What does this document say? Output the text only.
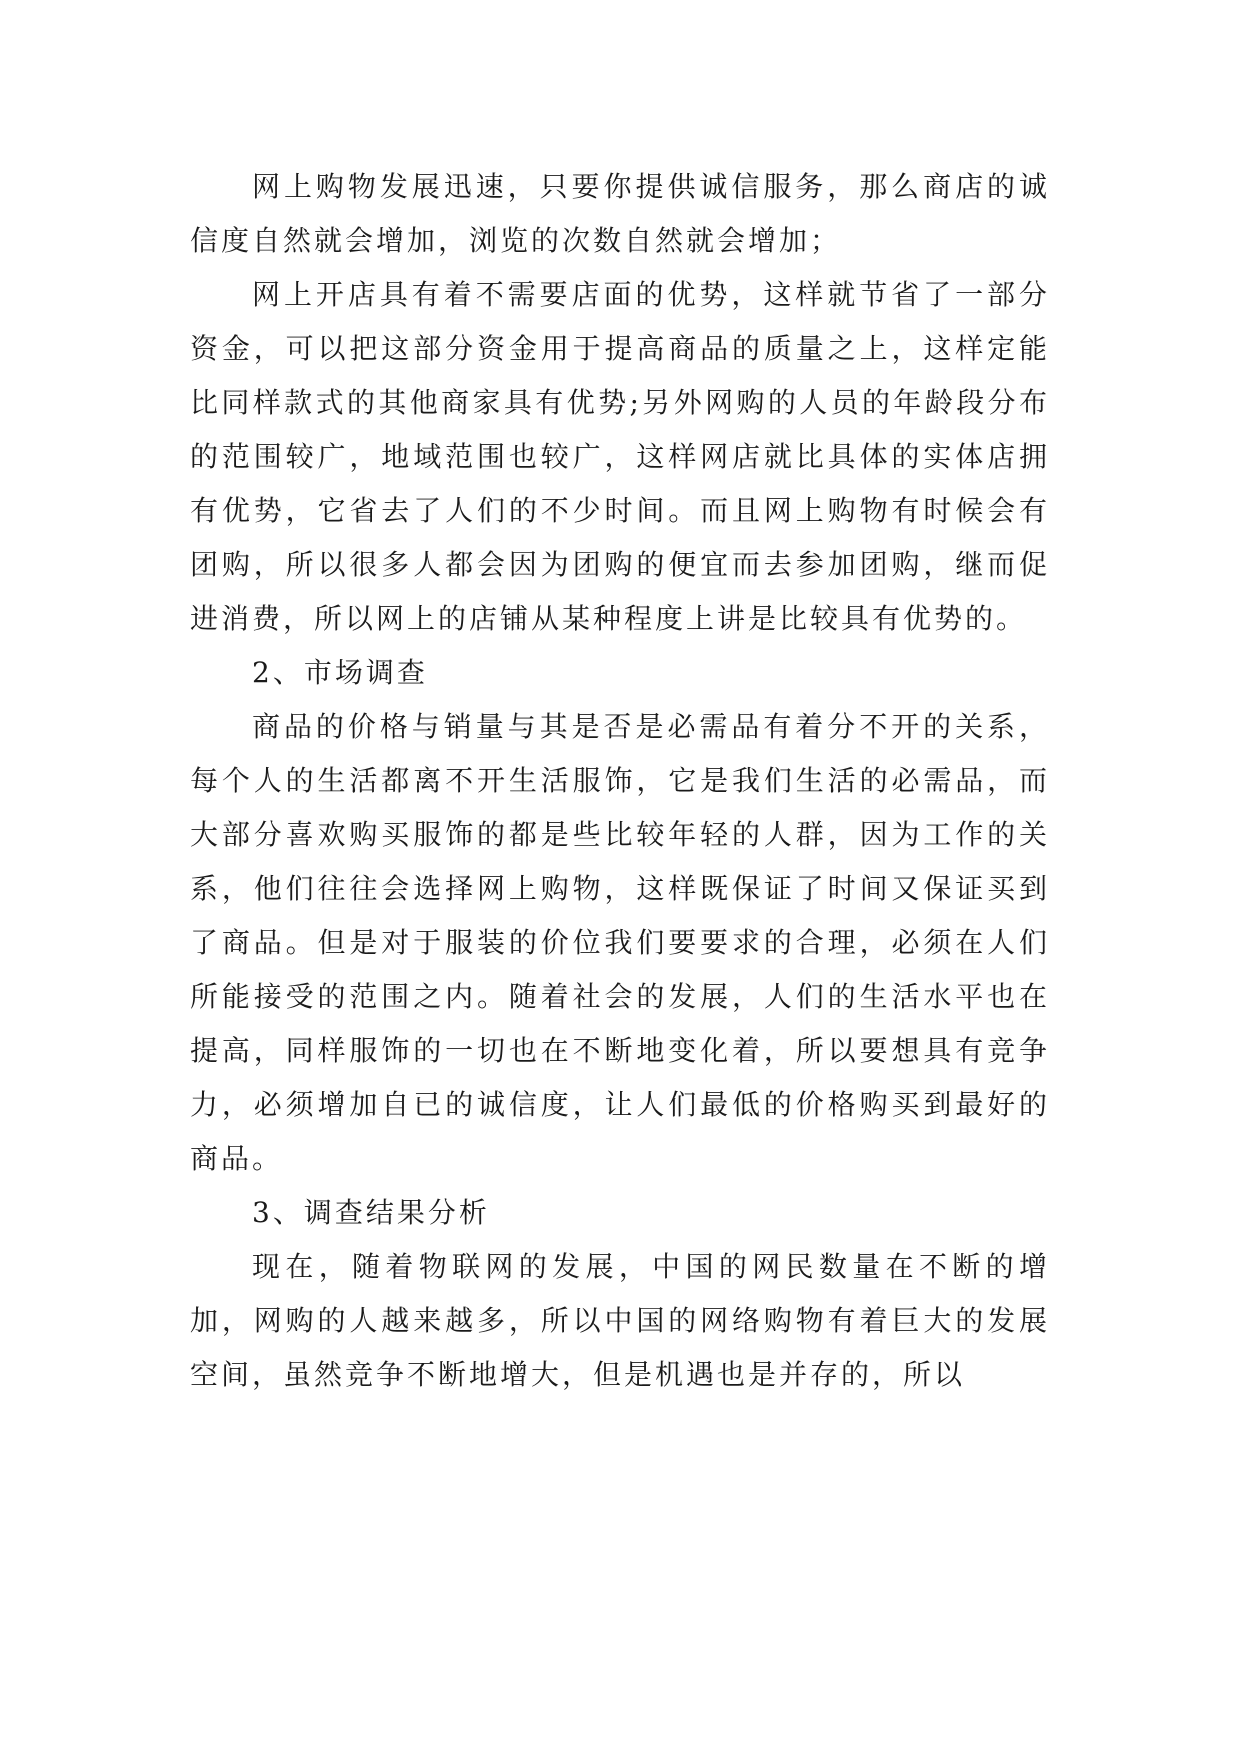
网上购物发展迅速，只要你提供诚信服务，那么商店的诚信度自然就会增加，浏览的次数自然就会增加；

网上开店具有着不需要店面的优势，这样就节省了一部分资金，可以把这部分资金用于提高商品的质量之上，这样定能比同样款式的其他商家具有优势;另外网购的人员的年龄段分布的范围较广，地域范围也较广，这样网店就比具体的实体店拥有优势，它省去了人们的不少时间。而且网上购物有时候会有团购，所以很多人都会因为团购的便宜而去参加团购，继而促进消费，所以网上的店铺从某种程度上讲是比较具有优势的。

2、市场调查

商品的价格与销量与其是否是必需品有着分不开的关系，每个人的生活都离不开生活服饰，它是我们生活的必需品，而大部分喜欢购买服饰的都是些比较年轻的人群，因为工作的关系，他们往往会选择网上购物，这样既保证了时间又保证买到了商品。但是对于服装的价位我们要要求的合理，必须在人们所能接受的范围之内。随着社会的发展，人们的生活水平也在提高，同样服饰的一切也在不断地变化着，所以要想具有竞争力，必须增加自已的诚信度，让人们最低的价格购买到最好的商品。

3、调查结果分析

现在，随着物联网的发展，中国的网民数量在不断的增加，网购的人越来越多，所以中国的网络购物有着巨大的发展空间，虽然竞争不断地增大，但是机遇也是并存的，所以
